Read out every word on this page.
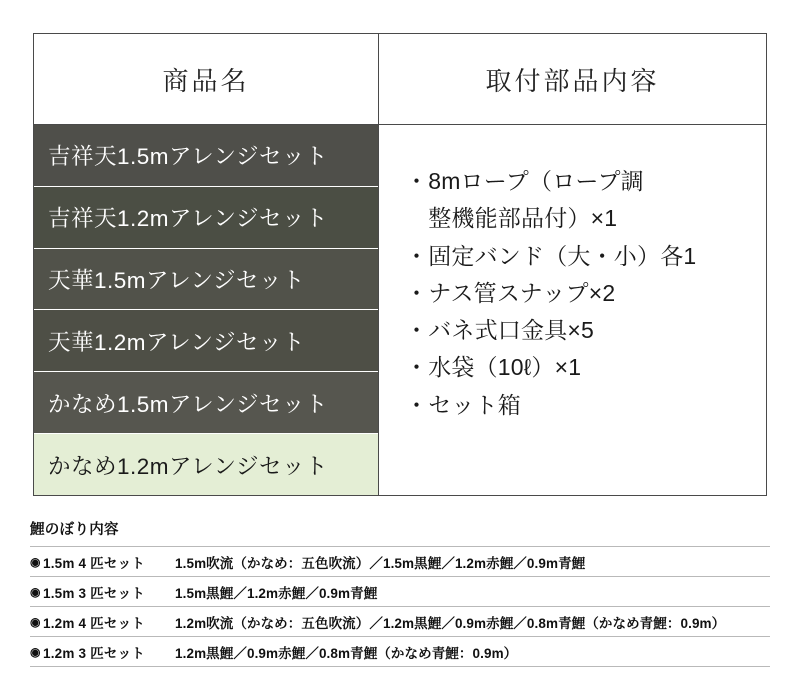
商品名	取付部品内容
吉祥天1.5mアレンジセット
吉祥天1.2mアレンジセット
天華1.5mアレンジセット
天華1.2mアレンジセット
かなめ1.5mアレンジセット
かなめ1.2mアレンジセット
・8mロープ（ロープ調
　整機能部品付）×1
・固定バンド（大・小）各1
・ナス管スナップ×2
・バネ式口金具×5
・水袋（10ℓ）×1
・セット箱
鯉のぼり内容
◉ 1.5m 4 匹セット	1.5m吹流（かなめ：五色吹流）／1.5m黒鯉／1.2m赤鯉／0.9m青鯉
◉ 1.5m 3 匹セット	1.5m黒鯉／1.2m赤鯉／0.9m青鯉
◉ 1.2m 4 匹セット	1.2m吹流（かなめ：五色吹流）／1.2m黒鯉／0.9m赤鯉／0.8m青鯉（かなめ青鯉：0.9m）
◉ 1.2m 3 匹セット	1.2m黒鯉／0.9m赤鯉／0.8m青鯉（かなめ青鯉：0.9m）
